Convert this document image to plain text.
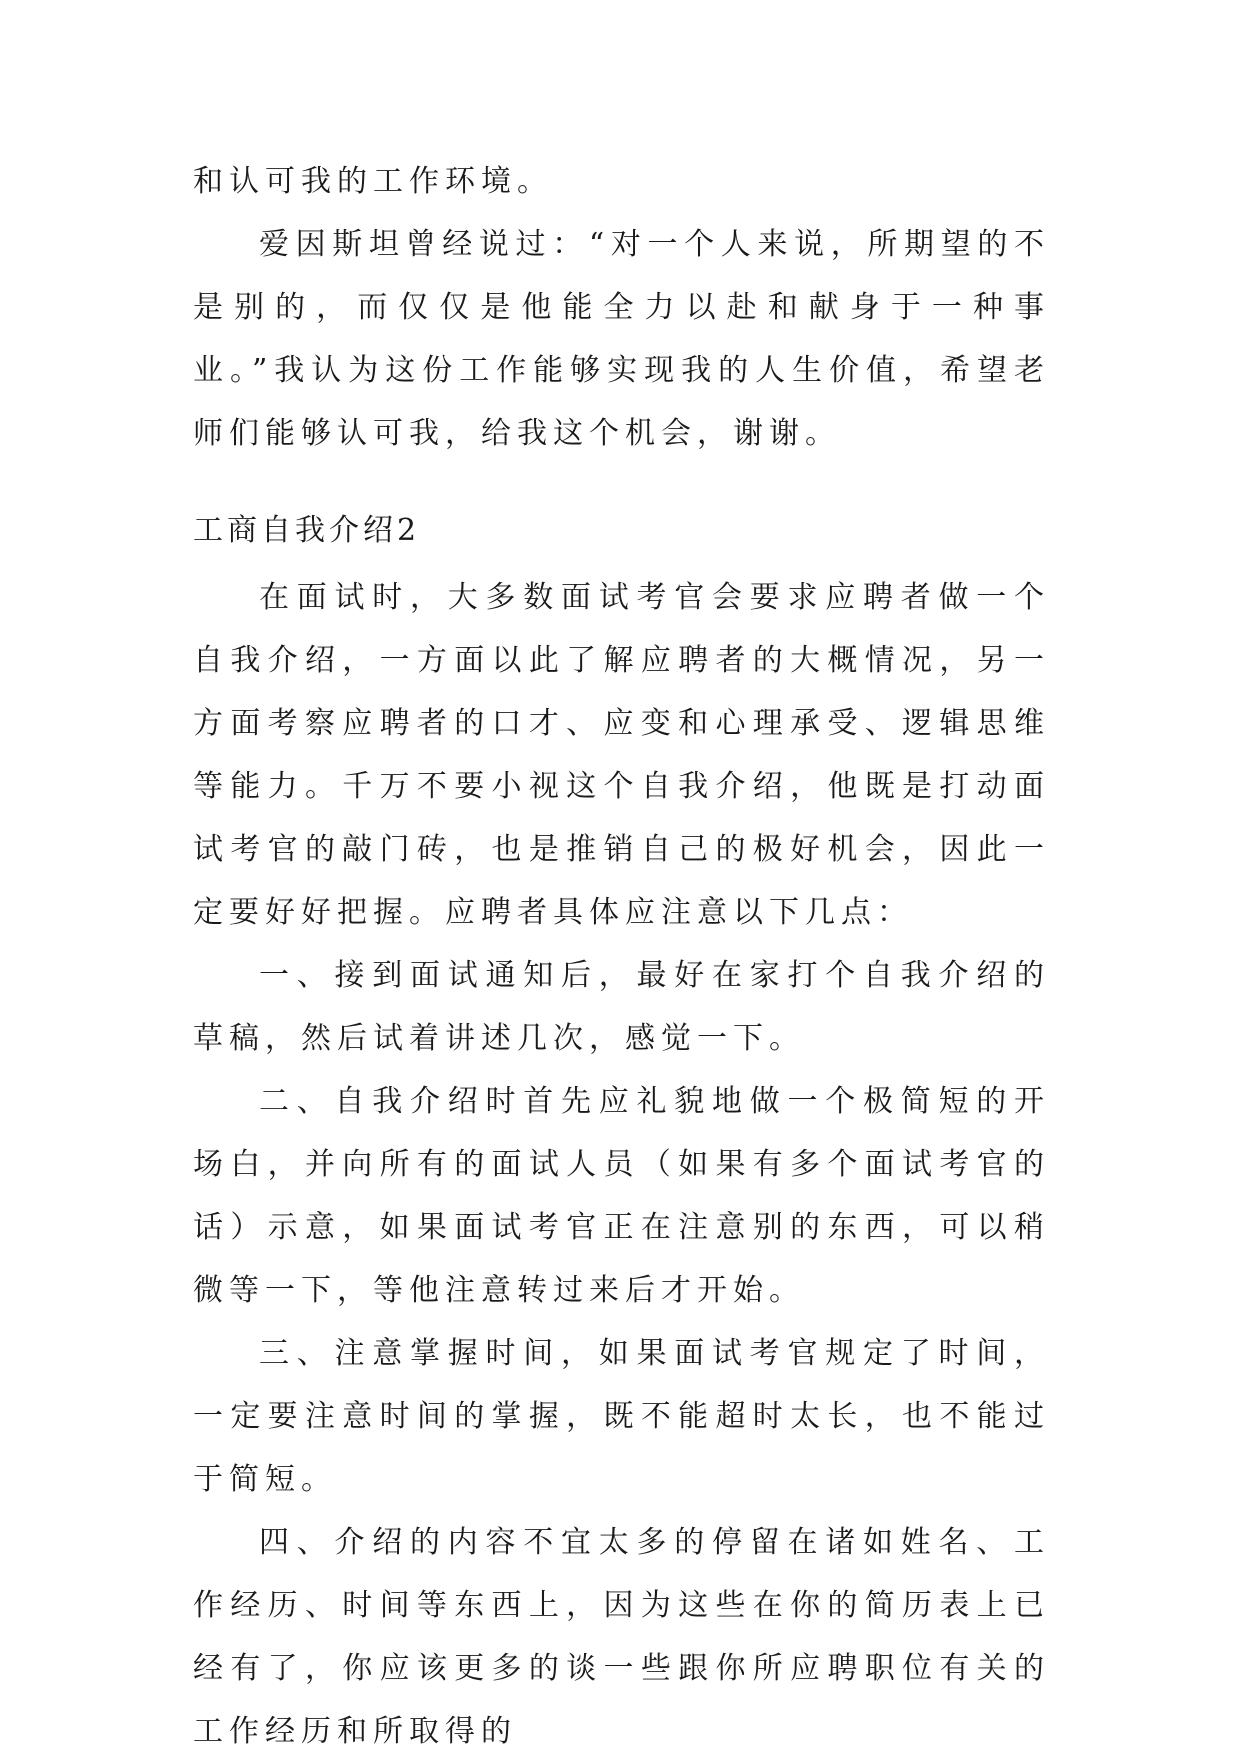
和认可我的工作环境。

爱因斯坦曾经说过：“对一个人来说，所期望的不是别的，而仅仅是他能全力以赴和献身于一种事业。”我认为这份工作能够实现我的人生价值，希望老师们能够认可我，给我这个机会，谢谢。

工商自我介绍2

在面试时，大多数面试考官会要求应聘者做一个自我介绍，一方面以此了解应聘者的大概情况，另一方面考察应聘者的口才、应变和心理承受、逻辑思维等能力。千万不要小视这个自我介绍，他既是打动面试考官的敲门砖，也是推销自己的极好机会，因此一定要好好把握。应聘者具体应注意以下几点：

一、接到面试通知后，最好在家打个自我介绍的草稿，然后试着讲述几次，感觉一下。

二、自我介绍时首先应礼貌地做一个极简短的开场白，并向所有的面试人员（如果有多个面试考官的话）示意，如果面试考官正在注意别的东西，可以稍微等一下，等他注意转过来后才开始。

三、注意掌握时间，如果面试考官规定了时间，一定要注意时间的掌握，既不能超时太长，也不能过于简短。

四、介绍的内容不宜太多的停留在诸如姓名、工作经历、时间等东西上，因为这些在你的简历表上已经有了，你应该更多的谈一些跟你所应聘职位有关的工作经历和所取得的
